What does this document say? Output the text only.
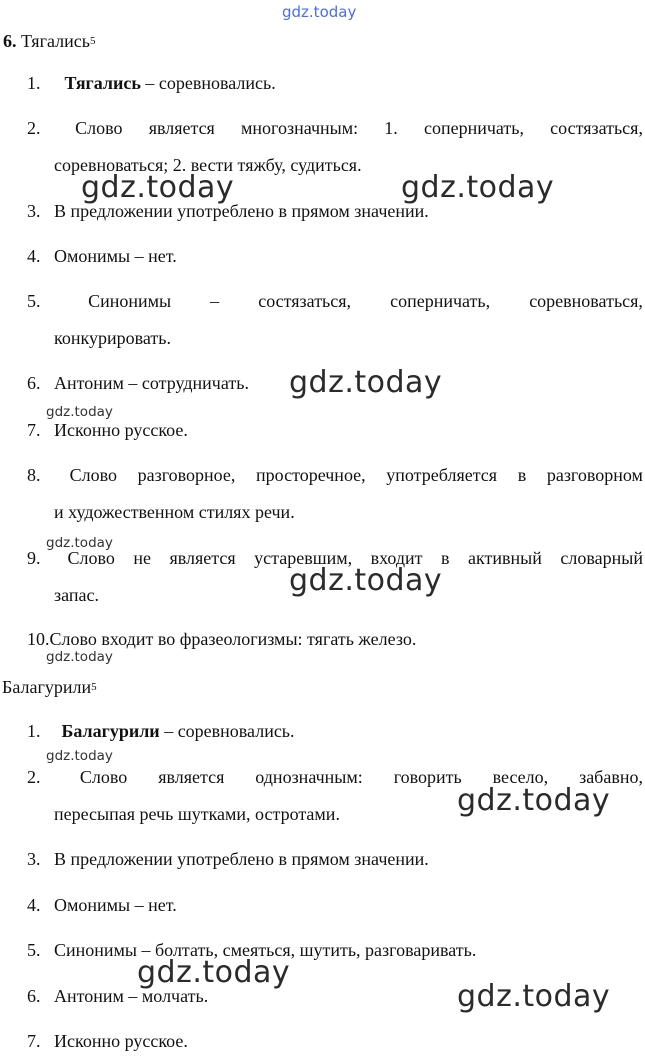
gdz.today
6. Тягались$^5$
1. Тягались – соревновались.
2.	Слово является многозначным: 1. соперничать, состязаться,
соревноваться; 2. вести тяжбу, судиться.
3. В предложении употреблено в прямом значении.
4. Омонимы – нет.
5.	Синонимы – состязаться, соперничать, соревноваться,
конкурировать.
6. Антоним – сотрудничать.
7. Исконно русское.
8.	Слово разговорное, просторечное, употребляется в разговорном
и художественном стилях речи.
9.	Слово не является устаревшим, входит в активный словарный
запас.
10.Слово входит во фразеологизмы: тягать железо.
Балагурили$^5$
1. Балагурили – соревновались.
2.	Слово является однозначным: говорить весело, забавно,
пересыпая речь шутками, остротами.
3. В предложении употреблено в прямом значении.
4. Омонимы – нет.
5. Синонимы – болтать, смеяться, шутить, разговаривать.
6. Антоним – молчать.
7. Исконно русское.
gdz.today	gdz.today
gdz.today
gdz.today
gdz.today
gdz.today
gdz.today
gdz.today
gdz.today
gdz.today
gdz.today
